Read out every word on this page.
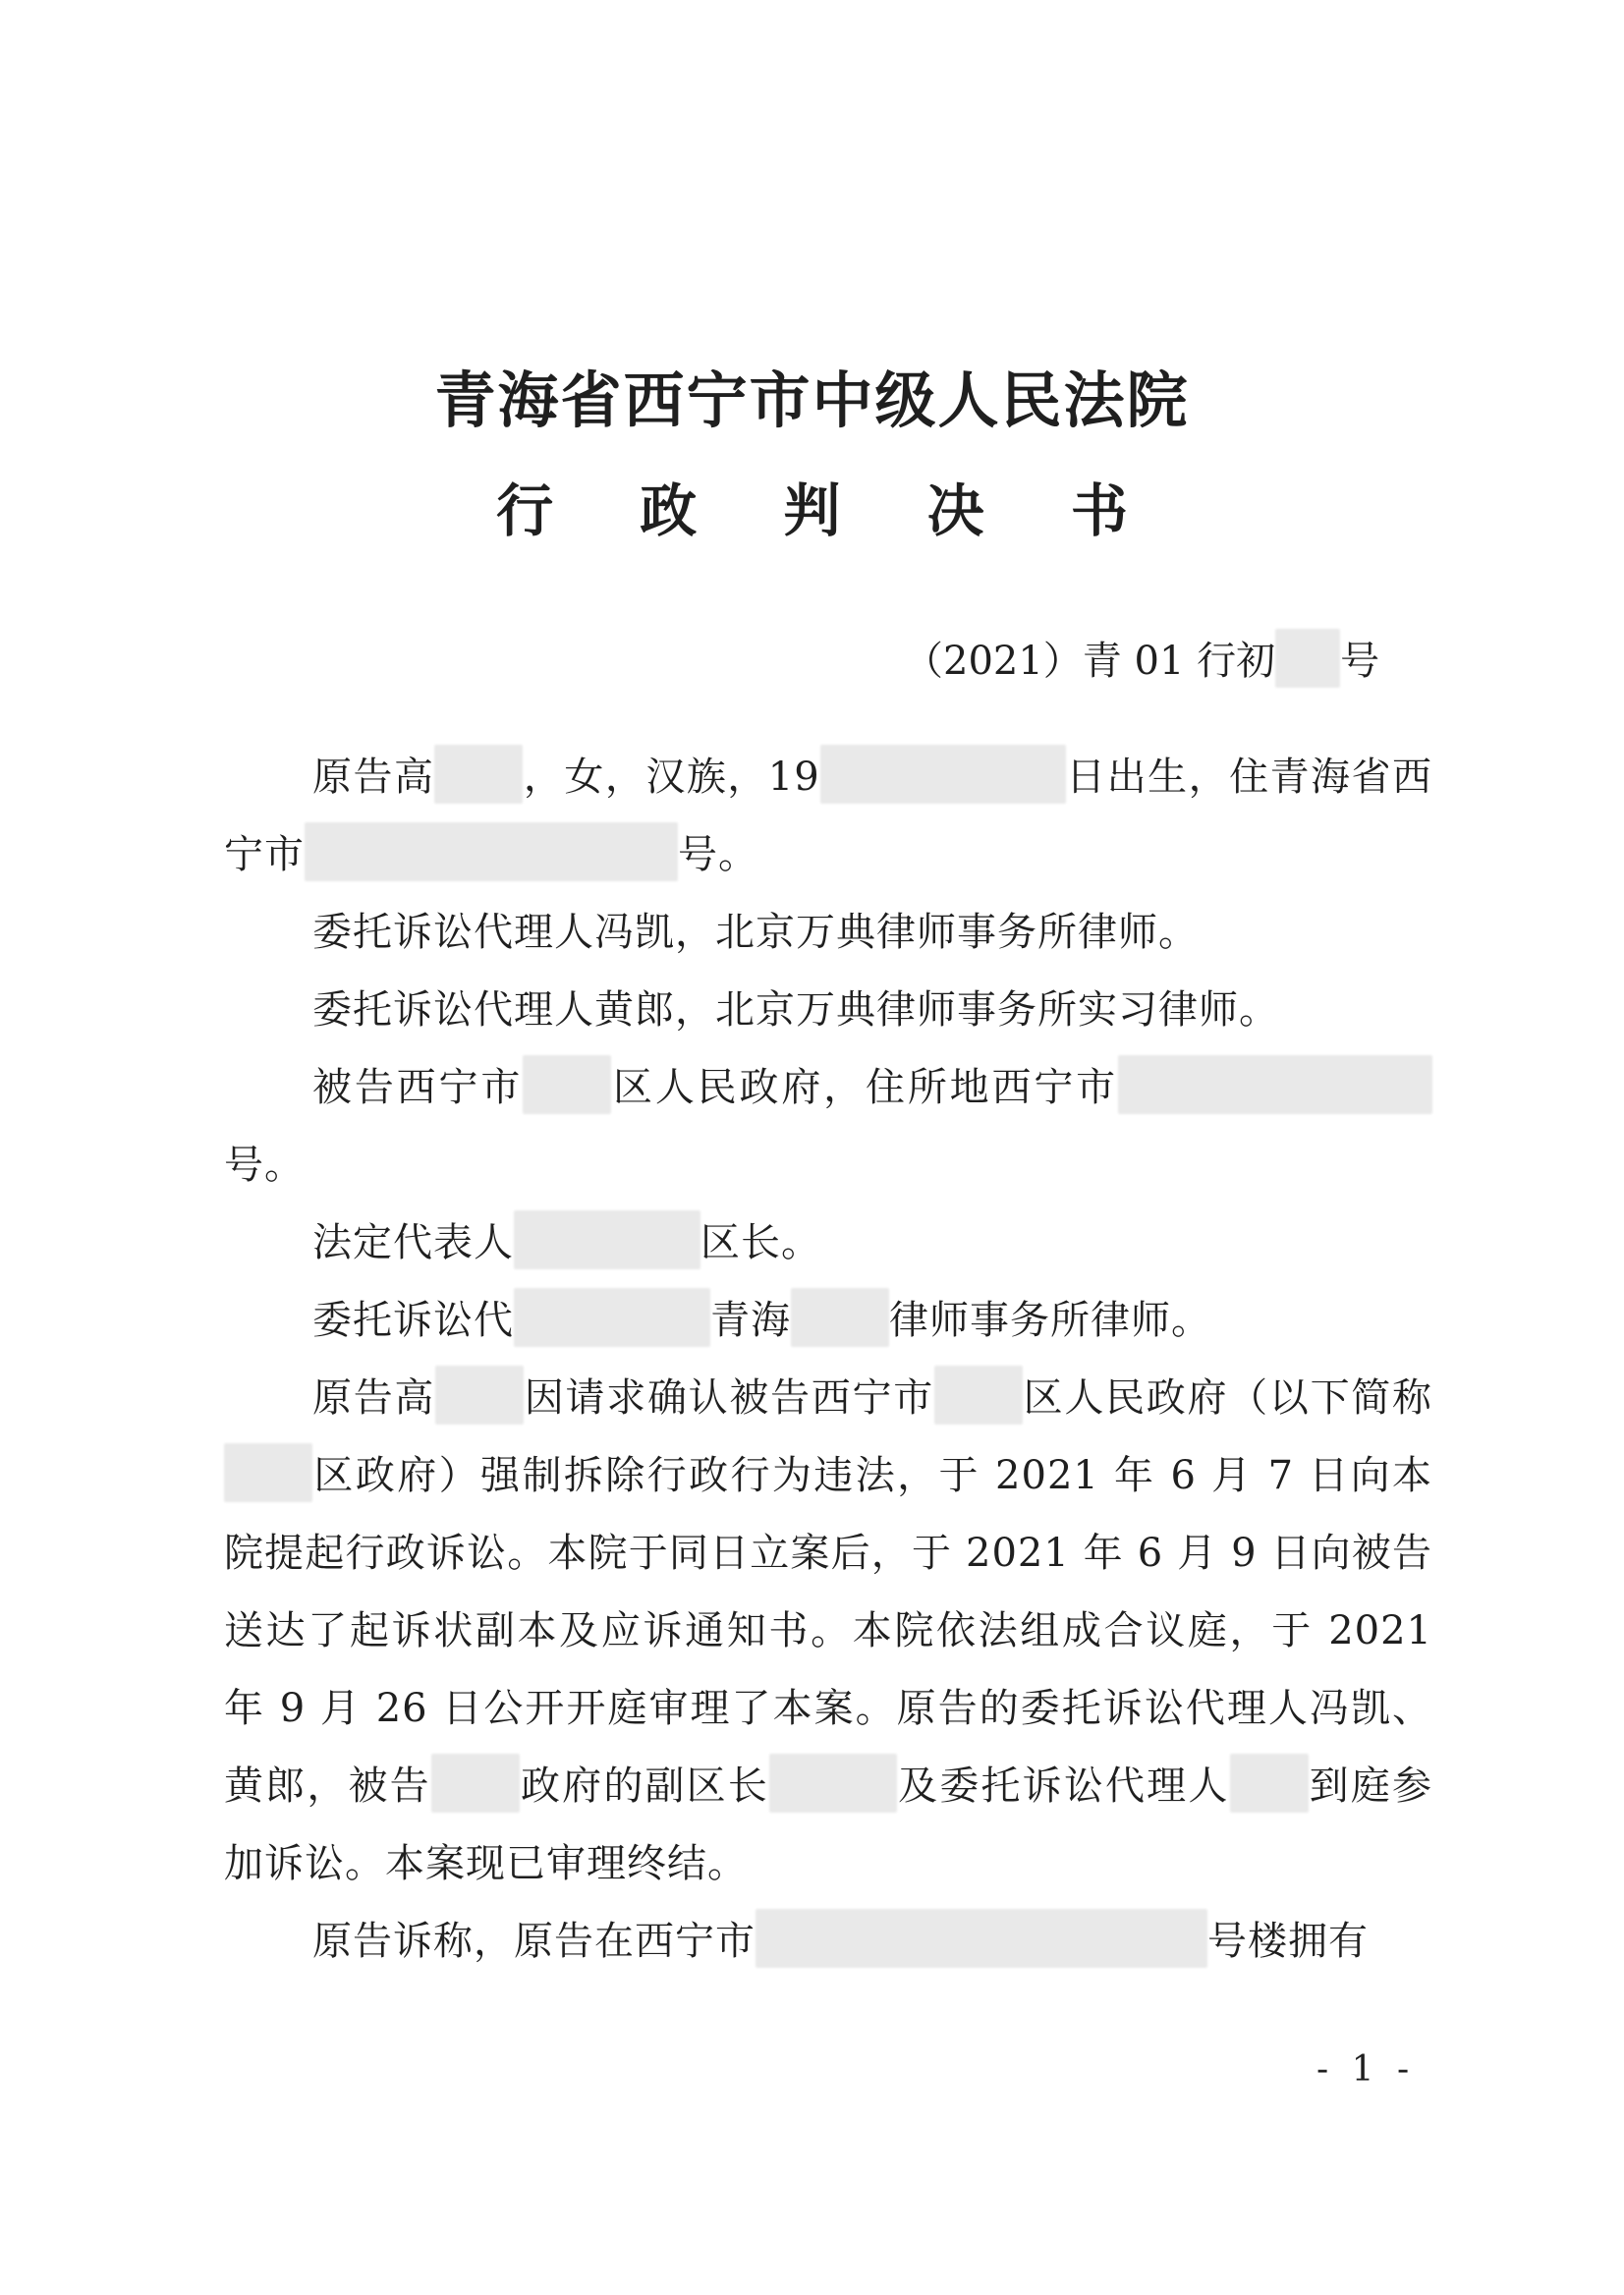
青海省西宁市中级人民法院
行 政 判 决 书
（2021）青 01 行初 号

原告高 ，女，汉族，19	日出生，住青海省西宁市	号。

委托诉讼代理人冯凯，北京万典律师事务所律师。

委托诉讼代理人黄郎，北京万典律师事务所实习律师。

被告西宁市 区人民政府，住所地西宁市号。

法定代表人	区长。

委托诉讼代	青海	律师事务所律师。

原告高 因请求确认被告西宁市 区人民政府（以下简称区政府）强制拆除行政行为违法，于 2021 年 6 月 7 日向本院提起行政诉讼。本院于同日立案后，于 2021 年 6 月 9 日向被告送达了起诉状副本及应诉通知书。本院依法组成合议庭，于 2021 年 9 月 26 日公开开庭审理了本案。原告的委托诉讼代理人冯凯、黄郎，被告 政府的副区长	及委托诉讼代理人 到庭参加诉讼。本案现已审理终结。

原告诉称，原告在西宁市	号楼拥有

- 1 -
